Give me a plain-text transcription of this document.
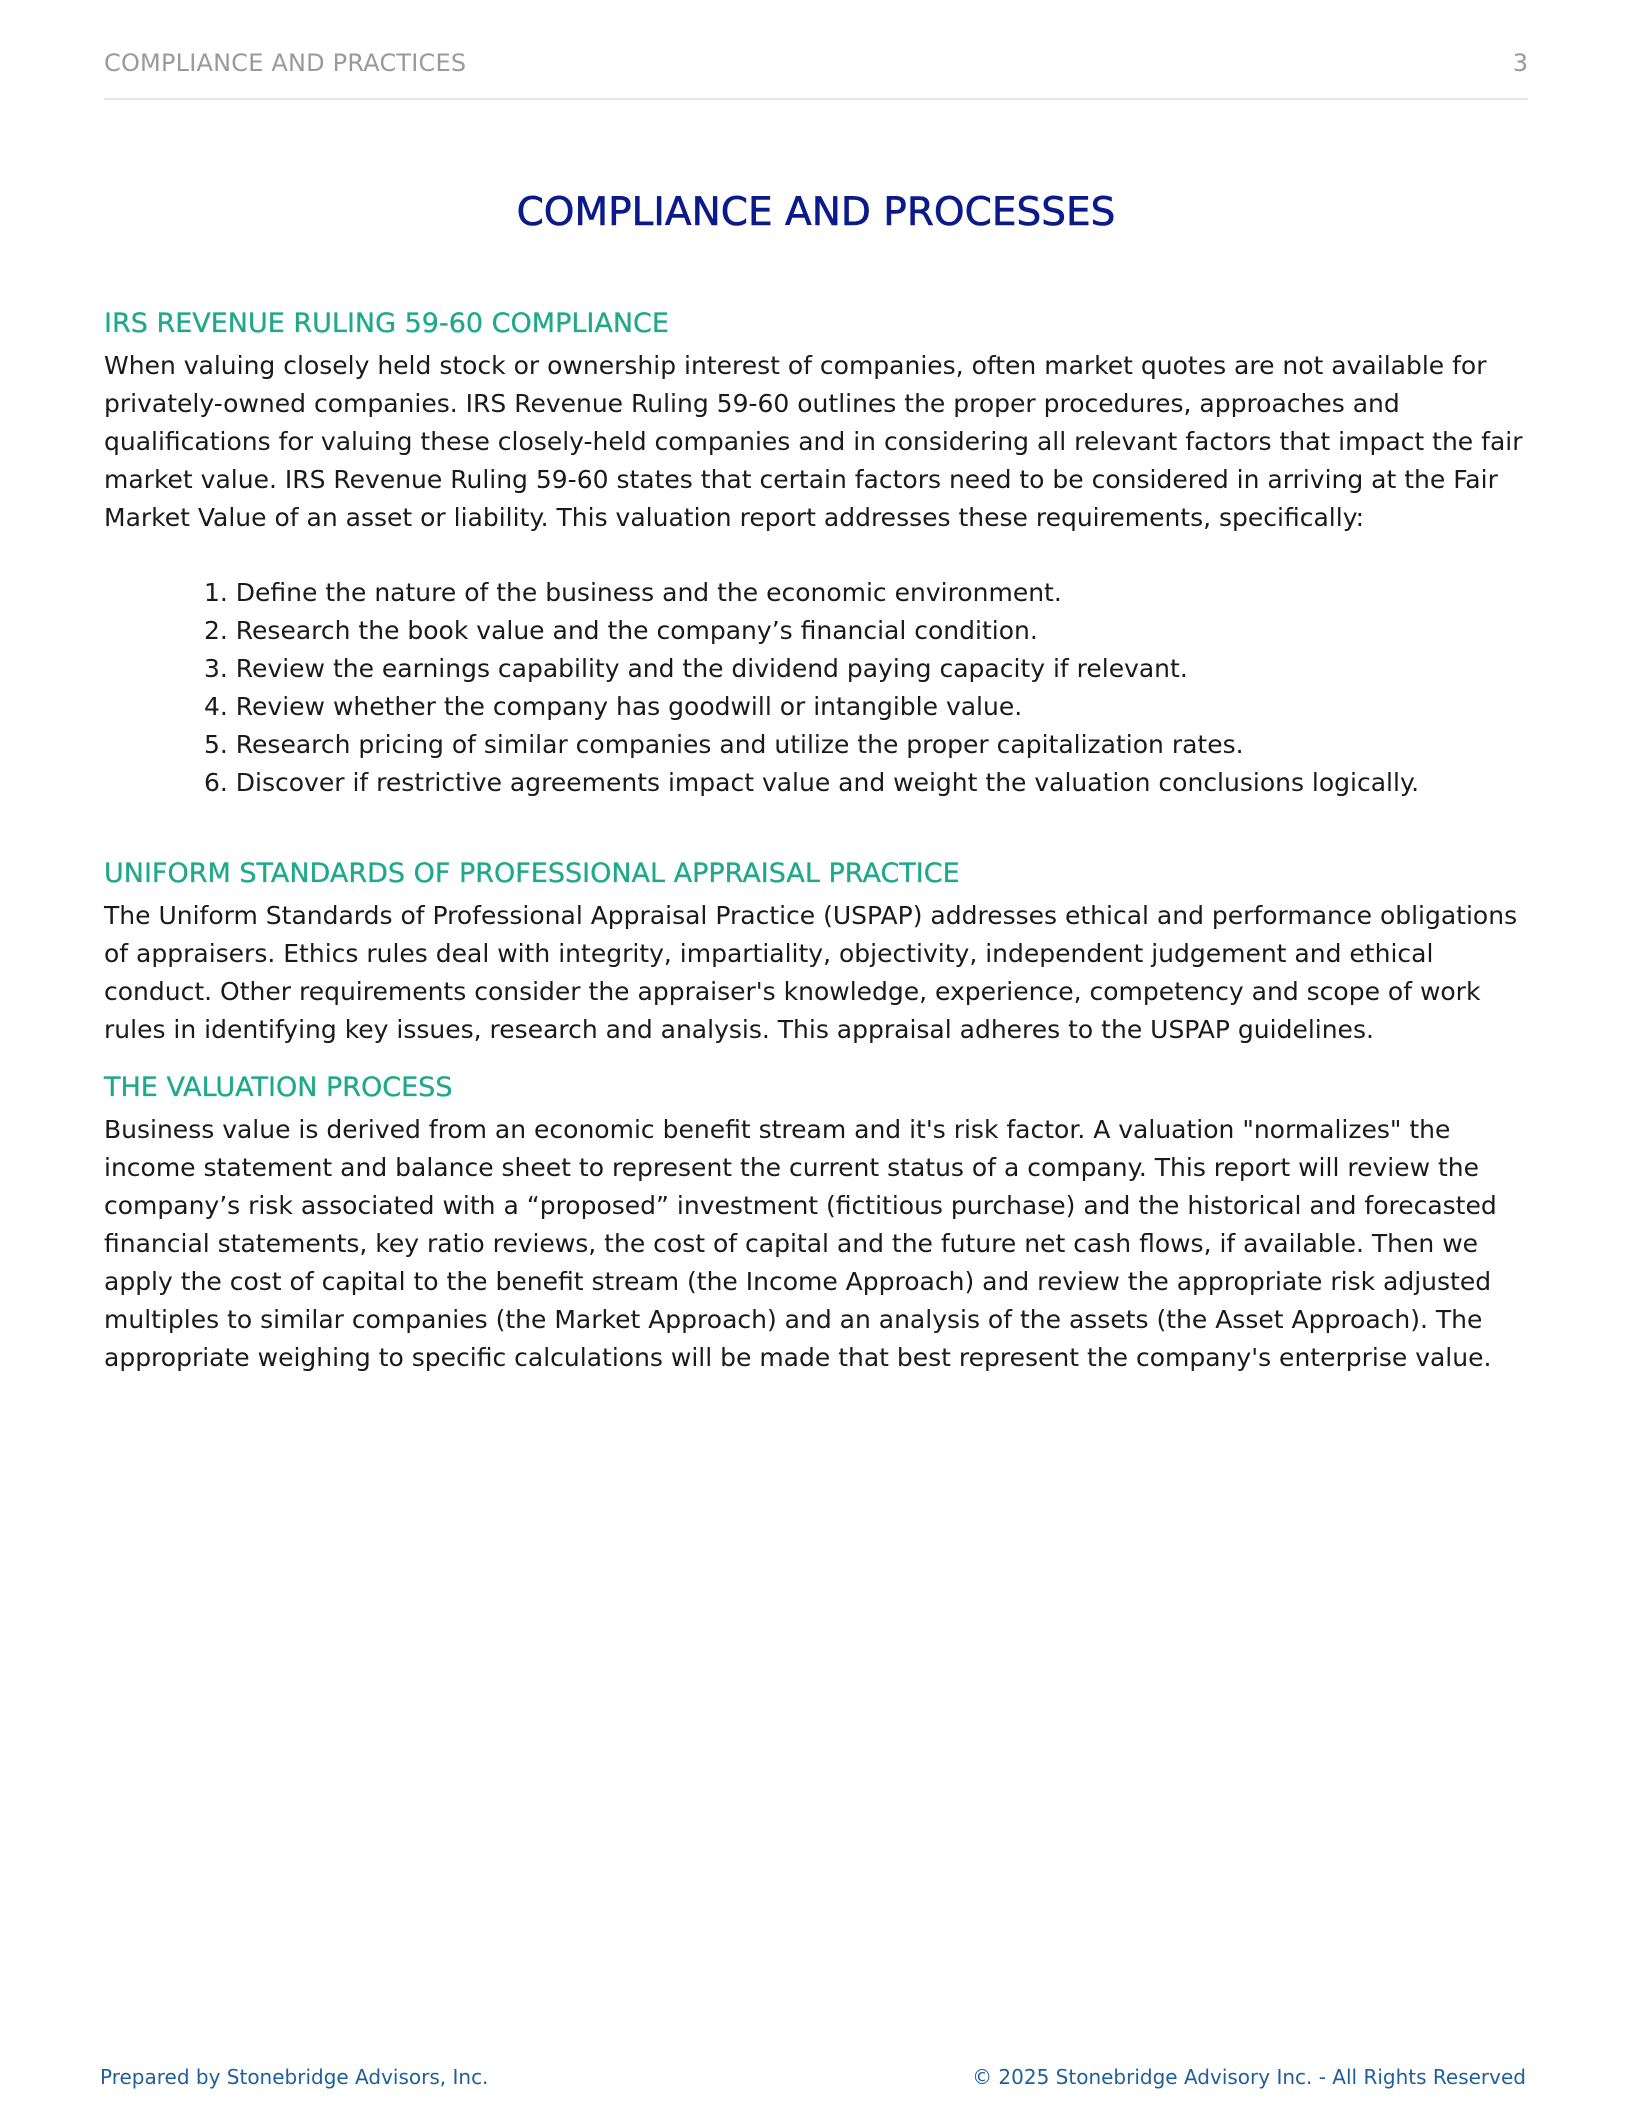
COMPLIANCE AND PRACTICES	3
COMPLIANCE AND PROCESSES
IRS REVENUE RULING 59-60 COMPLIANCE

When valuing closely held stock or ownership interest of companies, often market quotes are not available for privately-owned companies. IRS Revenue Ruling 59-60 outlines the proper procedures, approaches and qualifications for valuing these closely-held companies and in considering all relevant factors that impact the fair market value. IRS Revenue Ruling 59-60 states that certain factors need to be considered in arriving at the Fair Market Value of an asset or liability. This valuation report addresses these requirements, specifically:

1. Define the nature of the business and the economic environment.
2. Research the book value and the company’s financial condition.
3. Review the earnings capability and the dividend paying capacity if relevant.
4. Review whether the company has goodwill or intangible value.
5. Research pricing of similar companies and utilize the proper capitalization rates.
6. Discover if restrictive agreements impact value and weight the valuation conclusions logically.
UNIFORM STANDARDS OF PROFESSIONAL APPRAISAL PRACTICE

The Uniform Standards of Professional Appraisal Practice (USPAP) addresses ethical and performance obligations of appraisers. Ethics rules deal with integrity, impartiality, objectivity, independent judgement and ethical conduct. Other requirements consider the appraiser's knowledge, experience, competency and scope of work rules in identifying key issues, research and analysis. This appraisal adheres to the USPAP guidelines.

THE VALUATION PROCESS

Business value is derived from an economic benefit stream and it's risk factor. A valuation "normalizes" the income statement and balance sheet to represent the current status of a company. This report will review the company’s risk associated with a “proposed” investment (fictitious purchase) and the historical and forecasted financial statements, key ratio reviews, the cost of capital and the future net cash flows, if available. Then we apply the cost of capital to the benefit stream (the Income Approach) and review the appropriate risk adjusted multiples to similar companies (the Market Approach) and an analysis of the assets (the Asset Approach). The appropriate weighing to specific calculations will be made that best represent the company's enterprise value.

Prepared by Stonebridge Advisors, Inc.	© 2025 Stonebridge Advisory Inc. - All Rights Reserved
